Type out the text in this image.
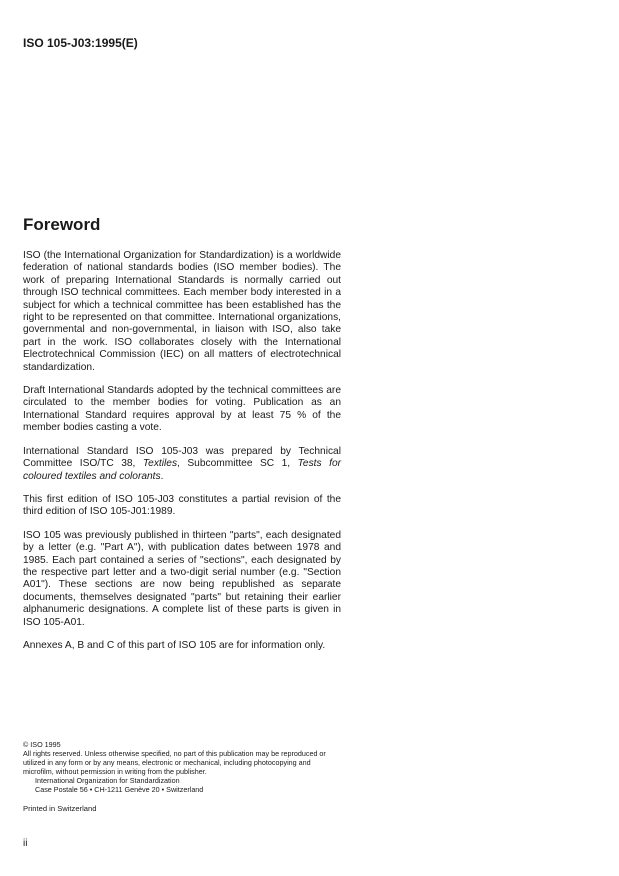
ISO 105-J03:1995(E)
Foreword

ISO (the International Organization for Standardization) is a worldwide federation of national standards bodies (ISO member bodies). The work of preparing International Standards is normally carried out through ISO technical committees. Each member body interested in a subject for which a technical committee has been established has the right to be represented on that committee. International organizations, governmental and non-governmental, in liaison with ISO, also take part in the work. ISO collaborates closely with the International Electrotechnical Commission (IEC) on all matters of electrotechnical standardization.

Draft International Standards adopted by the technical committees are circulated to the member bodies for voting. Publication as an International Standard requires approval by at least 75 % of the member bodies casting a vote.

International Standard ISO 105-J03 was prepared by Technical Committee ISO/TC 38, Textiles, Subcommittee SC 1, Tests for coloured textiles and colorants.

This first edition of ISO 105-J03 constitutes a partial revision of the third edition of ISO 105-J01:1989.

ISO 105 was previously published in thirteen "parts", each designated by a letter (e.g. "Part A"), with publication dates between 1978 and 1985. Each part contained a series of "sections", each designated by the respective part letter and a two-digit serial number (e.g. "Section A01"). These sections are now being republished as separate documents, themselves designated "parts" but retaining their earlier alphanumeric designations. A complete list of these parts is given in ISO 105-A01.

Annexes A, B and C of this part of ISO 105 are for information only.

© ISO 1995
All rights reserved. Unless otherwise specified, no part of this publication may be reproduced or utilized in any form or by any means, electronic or mechanical, including photocopying and microfilm, without permission in writing from the publisher.
International Organization for Standardization
Case Postale 56 • CH-1211 Genève 20 • Switzerland
Printed in Switzerland
ii
